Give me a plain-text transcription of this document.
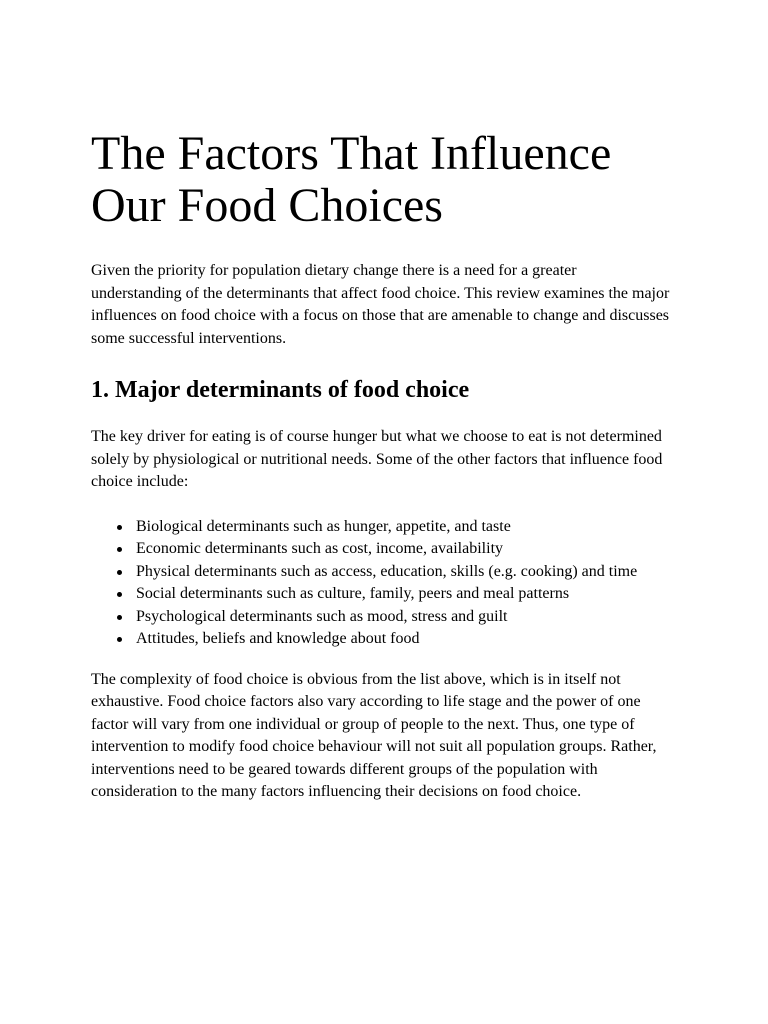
The Factors That Influence
Our Food Choices

Given the priority for population dietary change there is a need for a greater understanding of the determinants that affect food choice. This review examines the major influences on food choice with a focus on those that are amenable to change and discusses some successful interventions.

1. Major determinants of food choice

The key driver for eating is of course hunger but what we choose to eat is not determined solely by physiological or nutritional needs. Some of the other factors that influence food choice include:

Biological determinants such as hunger, appetite, and taste
Economic determinants such as cost, income, availability
Physical determinants such as access, education, skills (e.g. cooking) and time
Social determinants such as culture, family, peers and meal patterns
Psychological determinants such as mood, stress and guilt
Attitudes, beliefs and knowledge about food

The complexity of food choice is obvious from the list above, which is in itself not exhaustive. Food choice factors also vary according to life stage and the power of one factor will vary from one individual or group of people to the next. Thus, one type of intervention to modify food choice behaviour will not suit all population groups. Rather, interventions need to be geared towards different groups of the population with consideration to the many factors influencing their decisions on food choice.
